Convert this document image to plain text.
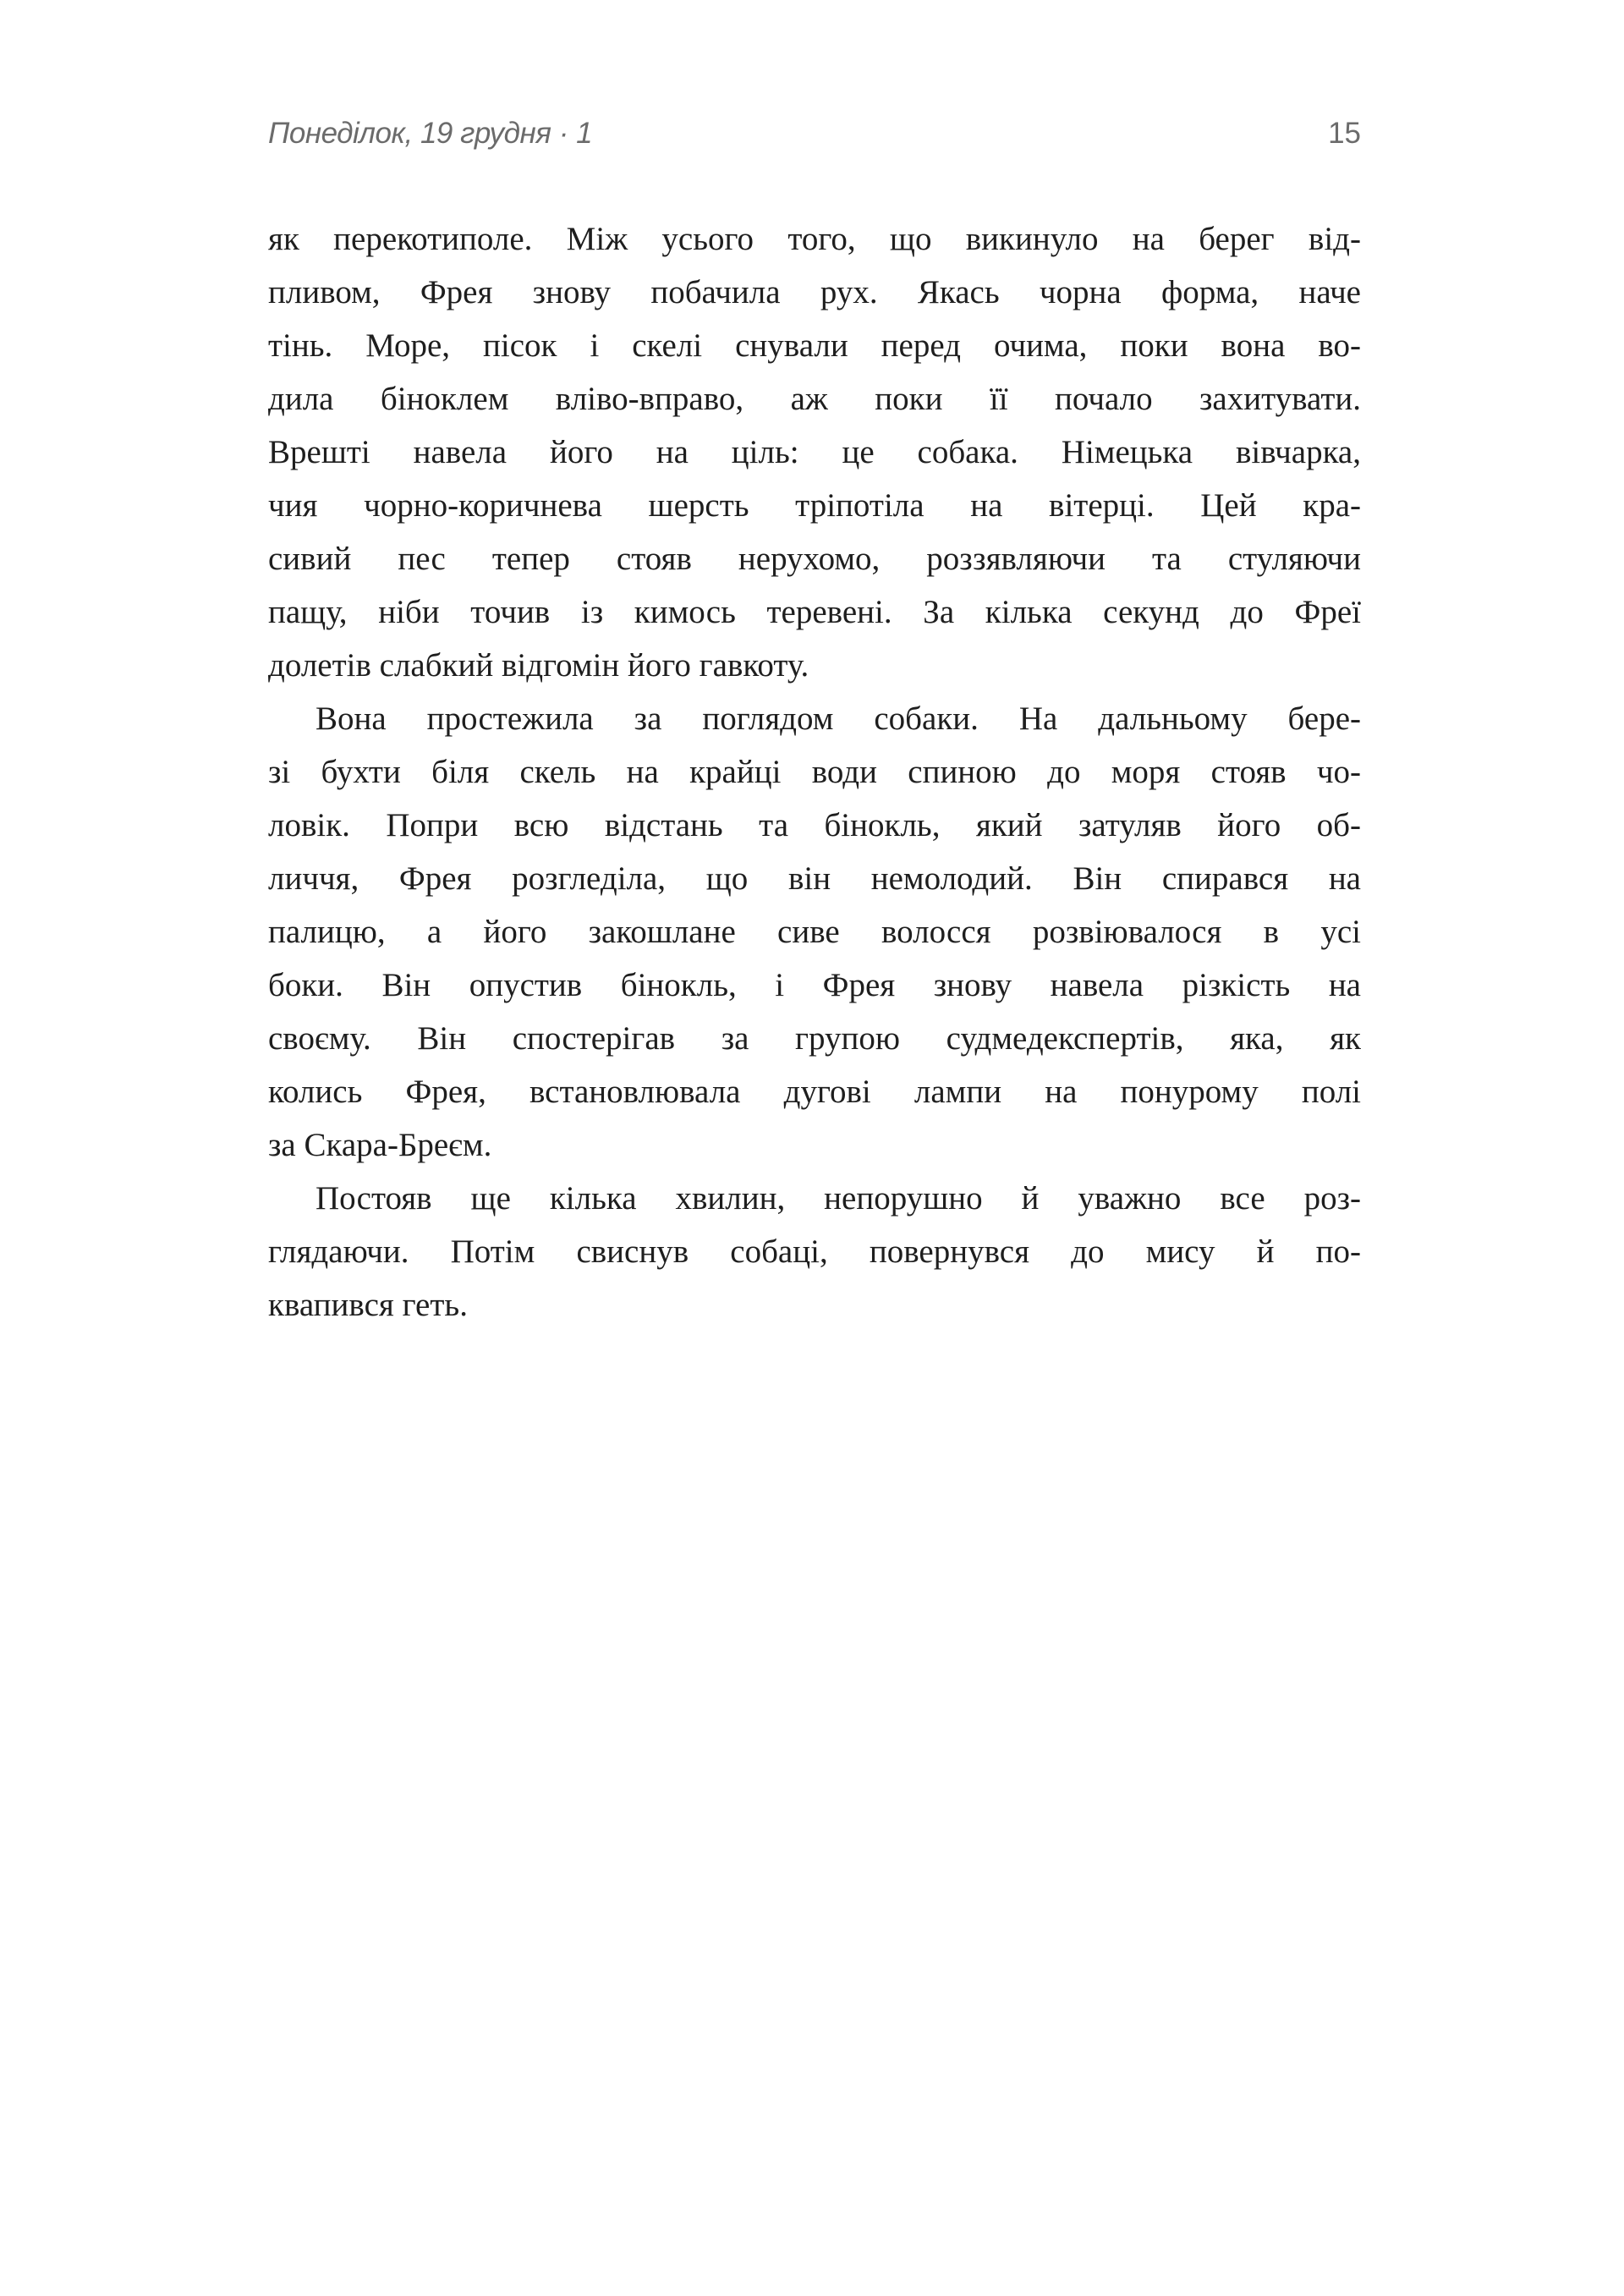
Понеділок, 19 грудня · 1	15
як перекотиполе. Між усього того, що викинуло на берег від-
пливом, Фрея знову побачила рух. Якась чорна форма, наче
тінь. Море, пісок і скелі снували перед очима, поки вона во-
дила біноклем вліво-вправо, аж поки її почало захитувати.
Врешті навела його на ціль: це собака. Німецька вівчарка,
чия чорно-коричнева шерсть тріпотіла на вітерці. Цей кра-
сивий пес тепер стояв нерухомо, роззявляючи та стуляючи
пащу, ніби точив із кимось теревені. За кілька секунд до Фреї
долетів слабкий відгомін його гавкоту.
Вона простежила за поглядом собаки. На дальньому бере-
зі бухти біля скель на крайці води спиною до моря стояв чо-
ловік. Попри всю відстань та бінокль, який затуляв його об-
личчя, Фрея розгледіла, що він немолодий. Він спирався на
палицю, а його закошлане сиве волосся розвіювалося в усі
боки. Він опустив бінокль, і Фрея знову навела різкість на
своєму. Він спостерігав за групою судмедекспертів, яка, як
колись Фрея, встановлювала дугові лампи на понурому полі
за Скара-Бреєм.
Постояв ще кілька хвилин, непорушно й уважно все роз-
глядаючи. Потім свиснув собаці, повернувся до мису й по-
квапився геть.
